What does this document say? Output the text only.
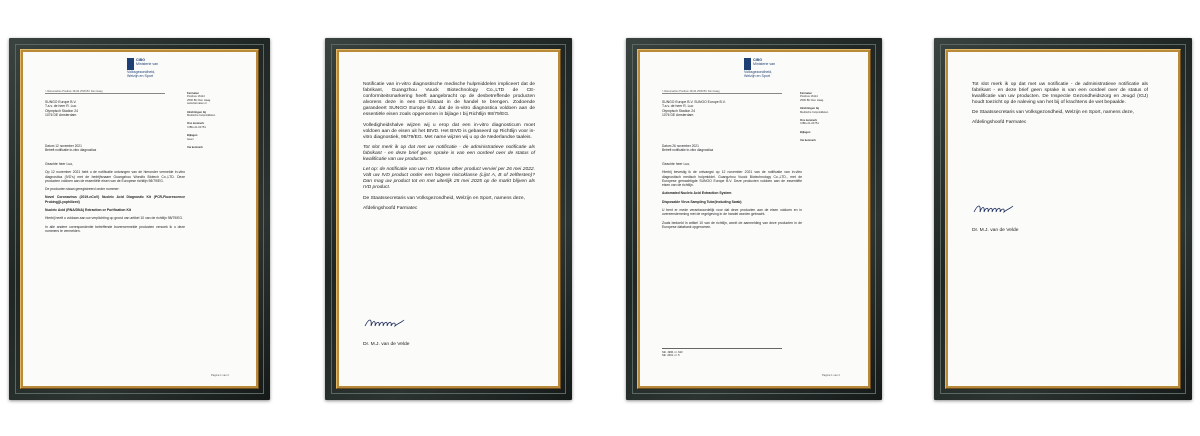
CIBG
Ministerie van Volksgezondheid,
Welzijn en Sport
> Retouradres Postbus 16114 2500 BC Den Haag
SUNGO Europe B.V.
T.a.v. de heer R. Luo
Olympisch Stadion 24
1076 DE Amsterdam
Farmatec
Postbus 16114
2500 BC Den Haag
www.farmatec.nl
Inlichtingen bij
Medische hulpmiddelen
Ons kenmerk
CIBG-21-04751
Bijlagen
Geen
Uw kenmerk
Datum 12 november 2021
Betreft notificatie in-vitro diagnostica

Geachte heer Luo,

Op 12 november 2021 hebt u de notificatie ontvangen van de hieronder vermelde in-vitro diagnostica (IVD's) met de bedrijfsnaam Guangzhou Wondfo Biotech Co.,LTD. Deze producten voldoen aan de essentiële eisen van de Europese richtlijn 98/79/EG.

De producten staan geregistreerd onder nummer:

Novel Coronavirus (2019-nCoV) Nucleic Acid Diagnostic Kit (PCR-Fluorescence Probing)(Lyophilized)

Nucleic Acid (RNA/DNA) Extraction or Purification Kit

Hierbij heeft u voldaan aan uw verplichting op grond van artikel 10 van de richtlijn 98/79/EG.

In alle andere correspondentie betreffende bovenvermelde producten verzoek ik u deze nummers te vermelden.

Pagina 1 van 2

Notificatie van in-vitro diagnostische medische hulpmiddelen impliceert dat de fabrikant, Guangzhou Vuuck Biotechnology Co.,LTD de CE-conformiteitsmarkering heeft aangebracht op de desbetreffende producten alvorens deze in een EU-lidstaat in de handel te brengen. Zodoende garandeert SUNGO Europe B.V. dat de in-vitro diagnostica voldoen aan de essentiële eisen zoals opgenomen in bijlage I bij Richtlijn 98/79/EG.

Volledigheidshalve wijzen wij u erop dat een in-vitro diagnosticum moet voldoen aan de eisen uit het BIVD. Het BIVD is gebaseerd op Richtlijn voor in-vitro diagnostiek, 98/79/EG. Met name wijzen wij u op de Nederlandse taaleis.

Tot slot merk ik op dat met uw notificatie - de administratieve notificatie als fabrikant - en deze brief geen sprake is van een oordeel over de status of kwalificatie van uw producten.

Let op: de notificatie van uw IVD Klasse other product verviel per 26 mei 2022. Valt uw IVD product onder een hogere risicoklasse (Lijst A, B of zelftesten)? Dan mag uw product tot en met uiterlijk 25 mei 2025 op de markt blijven als IVD product.

De Staatssecretaris van Volksgezondheid, Welzijn en Sport, namens deze,

Afdelingshoofd Farmatec

Dr. M.J. van de Velde
CIBG
Ministerie van Volksgezondheid,
Welzijn en Sport
> Retouradres Postbus 16114 2500 BC Den Haag
SUNGO Europe B.V. SUNGO Europe B.V.
T.a.v. de heer R. Luo
Olympisch Stadion 24
1076 DE Amsterdam
Farmatec
Postbus 16114
2500 BC Den Haag
Inlichtingen bij
Medische hulpmiddelen
Ons kenmerk
CIBG-21-04751
Bijlagen
Uw kenmerk
Datum 26 november 2021
Betreft notificatie in-vitro diagnostica

Geachte heer Luo,

Hierbij bevestig ik de ontvangst op 12 november 2021 van de notificatie van in-vitro diagnostisch medisch hulpmiddel. Guangzhou Vuuck Biotechnology Co.,LTD., met de Europese gemachtigde SUNGO Europe B.V. Deze producten voldoen aan de essentiële eisen van de richtlijn.

Automated Nucleic Acid Extraction System

Disposable Virus Sampling Tube(Including Swab)

U bent er mede verantwoordelijk voor dat deze producten aan de eisen voldoen en in overeenstemming met de regelgeving in de handel worden gebracht.

Zoals bedoeld in artikel 10 van de richtlijn, wordt de aanmelding van deze producten in de Europese databank opgenomen.

Stb. 1996, nr. 623
Stb. 2001, nr. 5
Pagina 1 van 2

Tot slot merk ik op dat met uw notificatie - de administratieve notificatie als fabrikant - en deze brief geen sprake is van een oordeel over de status of kwalificatie van uw producten. De Inspectie Gezondheidszorg en Jeugd (IGJ) houdt toezicht op de naleving van het bij of krachtens de wet bepaalde.

De Staatssecretaris van Volksgezondheid, Welzijn en Sport, namens deze,

Afdelingshoofd Farmatec

Dr. M.J. van de Velde
